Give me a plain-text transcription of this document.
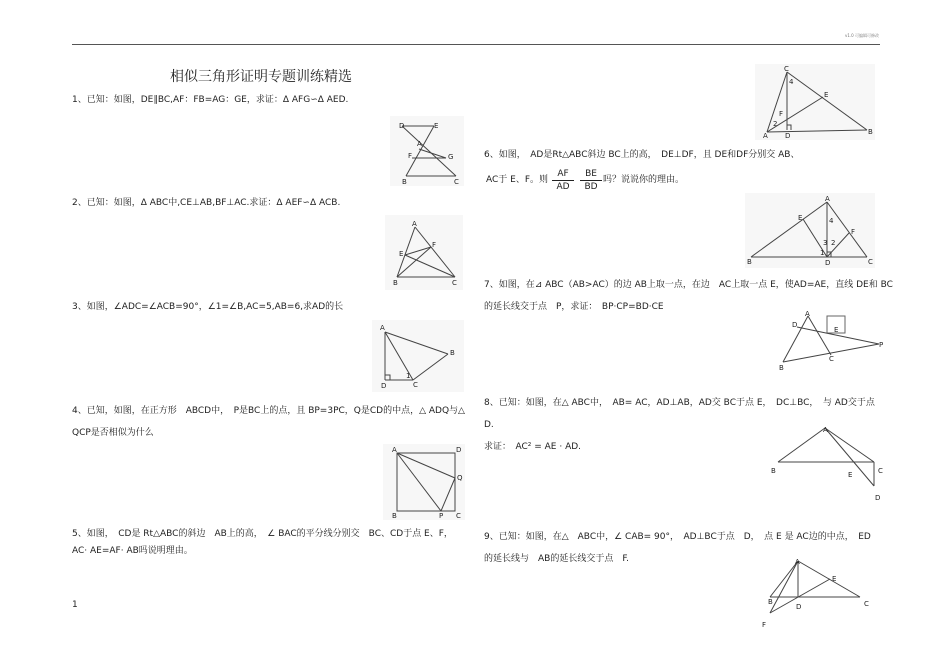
v1.0 可编辑可修改
相似三角形证明专题训练精选
1、已知：如图，DE∥BC,AF：FB=AG：GE，求证：Δ AFG∽Δ AED.
D	E
A
F	G
B	C
2、已知：如图，Δ ABC中,CE⊥AB,BF⊥AC.求证：Δ AEF∽Δ ACB.
A
F
E
B	C
3、如图，∠ADC=∠ACB=90°，∠1=∠B,AC=5,AB=6,求AD的长
A
B
D	C
1
4、已知，如图，在正方形　ABCD中，　P是BC上的点，且 BP=3PC，Q是CD的中点，△ ADQ与△
QCP是否相似为什么
A	D
Q
B	P C
5、如图，　CD是 Rt△ABC的斜边　AB上的高，　∠ BAC的平分线分别交　BC、CD于点 E、F，
AC· AE=AF· AB吗说明理由。
1
C
E
F
A D	B
4
2
6、如图，　AD是Rt△ABC斜边 BC上的高，　DE⊥DF，且 DE和DF分别交 AB、
AC于 E、F。则 $\frac{AF}{AD} \frac{BE}{BD}$ 吗？说说你的理由。
A
E
F
B	D	C
4
3 2
1
7、如图，在⊿ ABC（AB>AC）的边 AB上取一点，在边　AC上取一点 E，使AD=AE，直线 DE和 BC
的延长线交于点　P，求证：　BP·CP=BD·CE
A
D
E
B
C
P
8、已知：如图，在△ ABC中，　AB= AC，AD⊥AB，AD交 BC于点 E，　DC⊥BC，　与 AD交于点
D.
求证：　AC² = AE · AD.
A
B	E	C
D
9、已知：如图，在△　ABC中，∠ CAB= 90°，　AD⊥BC于点　D，　点 E 是 AC边的中点，　ED
的延长线与　AB的延长线交于点　F.	A
E
B
D	C
F
